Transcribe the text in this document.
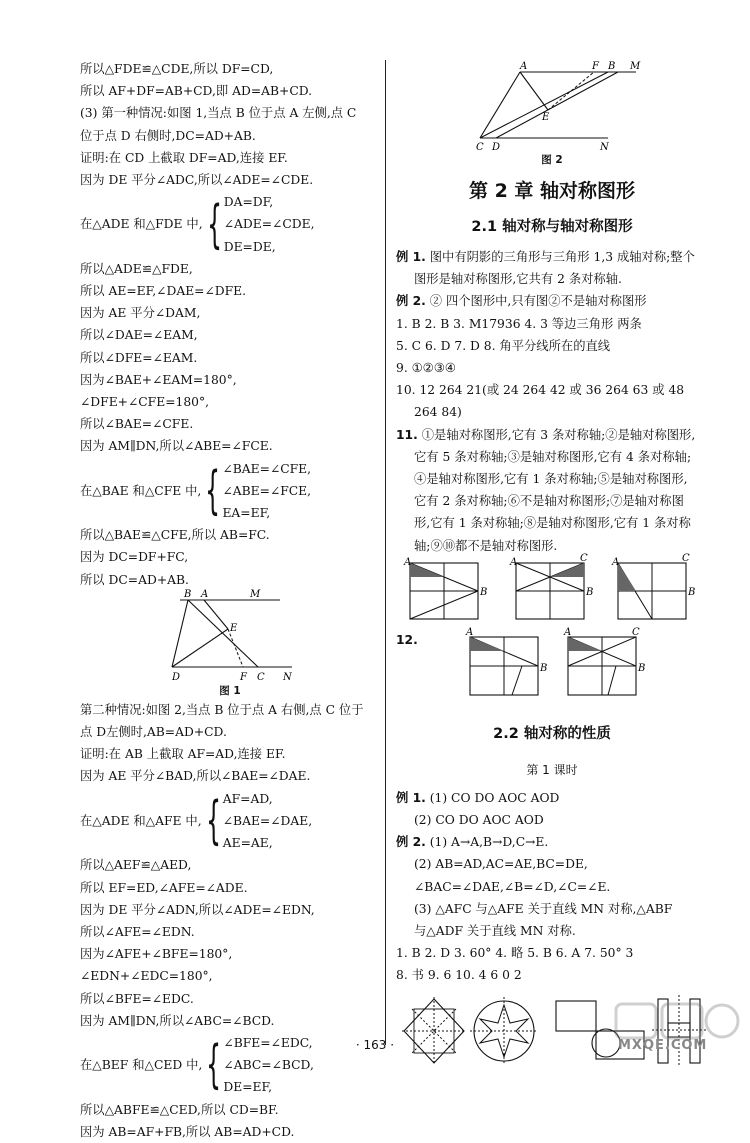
所以△FDE≌△CDE,所以 DF=CD,
所以 AF+DF=AB+CD,即 AD=AB+CD.
(3) 第一种情况:如图 1,当点 B 位于点 A 左侧,点 C
位于点 D 右侧时,DC=AD+AB.
证明:在 CD 上截取 DF=AD,连接 EF.
因为 DE 平分∠ADC,所以∠ADE=∠CDE.
在△ADE 和△FDE 中, { DA=DF,
∠ADE=∠CDE,
DE=DE,
所以△ADE≌△FDE,
所以 AE=EF,∠DAE=∠DFE.
因为 AE 平分∠DAM,
所以∠DAE=∠EAM,
所以∠DFE=∠EAM.
因为∠BAE+∠EAM=180°,
∠DFE+∠CFE=180°,
所以∠BAE=∠CFE.
因为 AM∥DN,所以∠ABE=∠FCE.
在△BAE 和△CFE 中, { ∠BAE=∠CFE,
∠ABE=∠FCE,
EA=EF,
所以△BAE≌△CFE,所以 AB=FC.
因为 DC=DF+FC,
所以 DC=AD+AB.
B A	M
E
D	F C N
图 1
第二种情况:如图 2,当点 B 位于点 A 右侧,点 C 位于
点 D左侧时,AB=AD+CD.
证明:在 AB 上截取 AF=AD,连接 EF.
因为 AE 平分∠BAD,所以∠BAE=∠DAE.
在△ADE 和△AFE 中, { AF=AD,
∠BAE=∠DAE,
AE=AE,
所以△AEF≌△AED,
所以 EF=ED,∠AFE=∠ADE.
因为 DE 平分∠ADN,所以∠ADE=∠EDN,
所以∠AFE=∠EDN.
因为∠AFE+∠BFE=180°,
∠EDN+∠EDC=180°,
所以∠BFE=∠EDC.
因为 AM∥DN,所以∠ABC=∠BCD.
在△BEF 和△CED 中, { ∠BFE=∠EDC,
∠ABC=∠BCD,
DE=EF,
所以△ABFE≌△CED,所以 CD=BF.
因为 AB=AF+FB,所以 AB=AD+CD.
A	F B M
E
C D	N
图 2
第 2 章 轴对称图形
2.1 轴对称与轴对称图形
例 1. 图中有阴影的三角形与三角形 1,3 成轴对称;整个
图形是轴对称图形,它共有 2 条对称轴.
例 2. ② 四个图形中,只有图②不是轴对称图形
1. B 2. B 3. M17936 4. 3 等边三角形 两条
5. C 6. D 7. D 8. 角平分线所在的直线
9. ①②③④
10. 12 264 21(或 24 264 42 或 36 264 63 或 48
264 84)
11. ①是轴对称图形,它有 3 条对称轴;②是轴对称图形,
它有 5 条对称轴;③是轴对称图形,它有 4 条对称轴;
④是轴对称图形,它有 1 条对称轴;⑤是轴对称图形,
它有 2 条对称轴;⑥不是轴对称图形;⑦是轴对称图
形,它有 1 条对称轴;⑧是轴对称图形,它有 1 条对称
轴;⑨⑩都不是轴对称图形.
A
B
A	C
B
A	C
B
12.
A
B
A	C
B
2.2 轴对称的性质
第 1 课时
例 1. (1) CO DO AOC AOD
(2) CO DO AOC AOD
例 2. (1) A→A,B→D,C→E.
(2) AB=AD,AC=AE,BC=DE,
∠BAC=∠DAE,∠B=∠D,∠C=∠E.
(3) △AFC 与△AFE 关于直线 MN 对称,△ABF
与△ADF 关于直线 MN 对称.
1. B 2. D 3. 60° 4. 略 5. B 6. A 7. 50° 3
8. 书 9. 6 10. 4 6 0 2
· 163 ·	MXQE.COM
